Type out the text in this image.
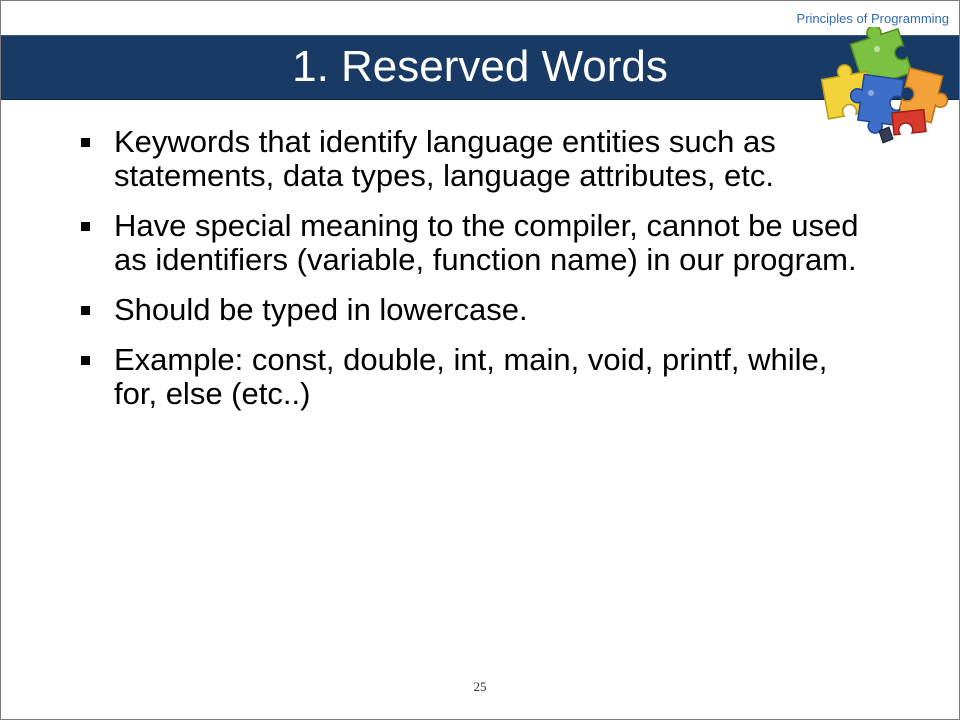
Principles of Programming
1. Reserved Words
Keywords that identify language entities such as statements, data types, language attributes, etc.
Have special meaning to the compiler, cannot be used as identifiers (variable, function name) in our program.
Should be typed in lowercase.
Example: const, double, int, main, void, printf, while, for, else (etc..)
25
